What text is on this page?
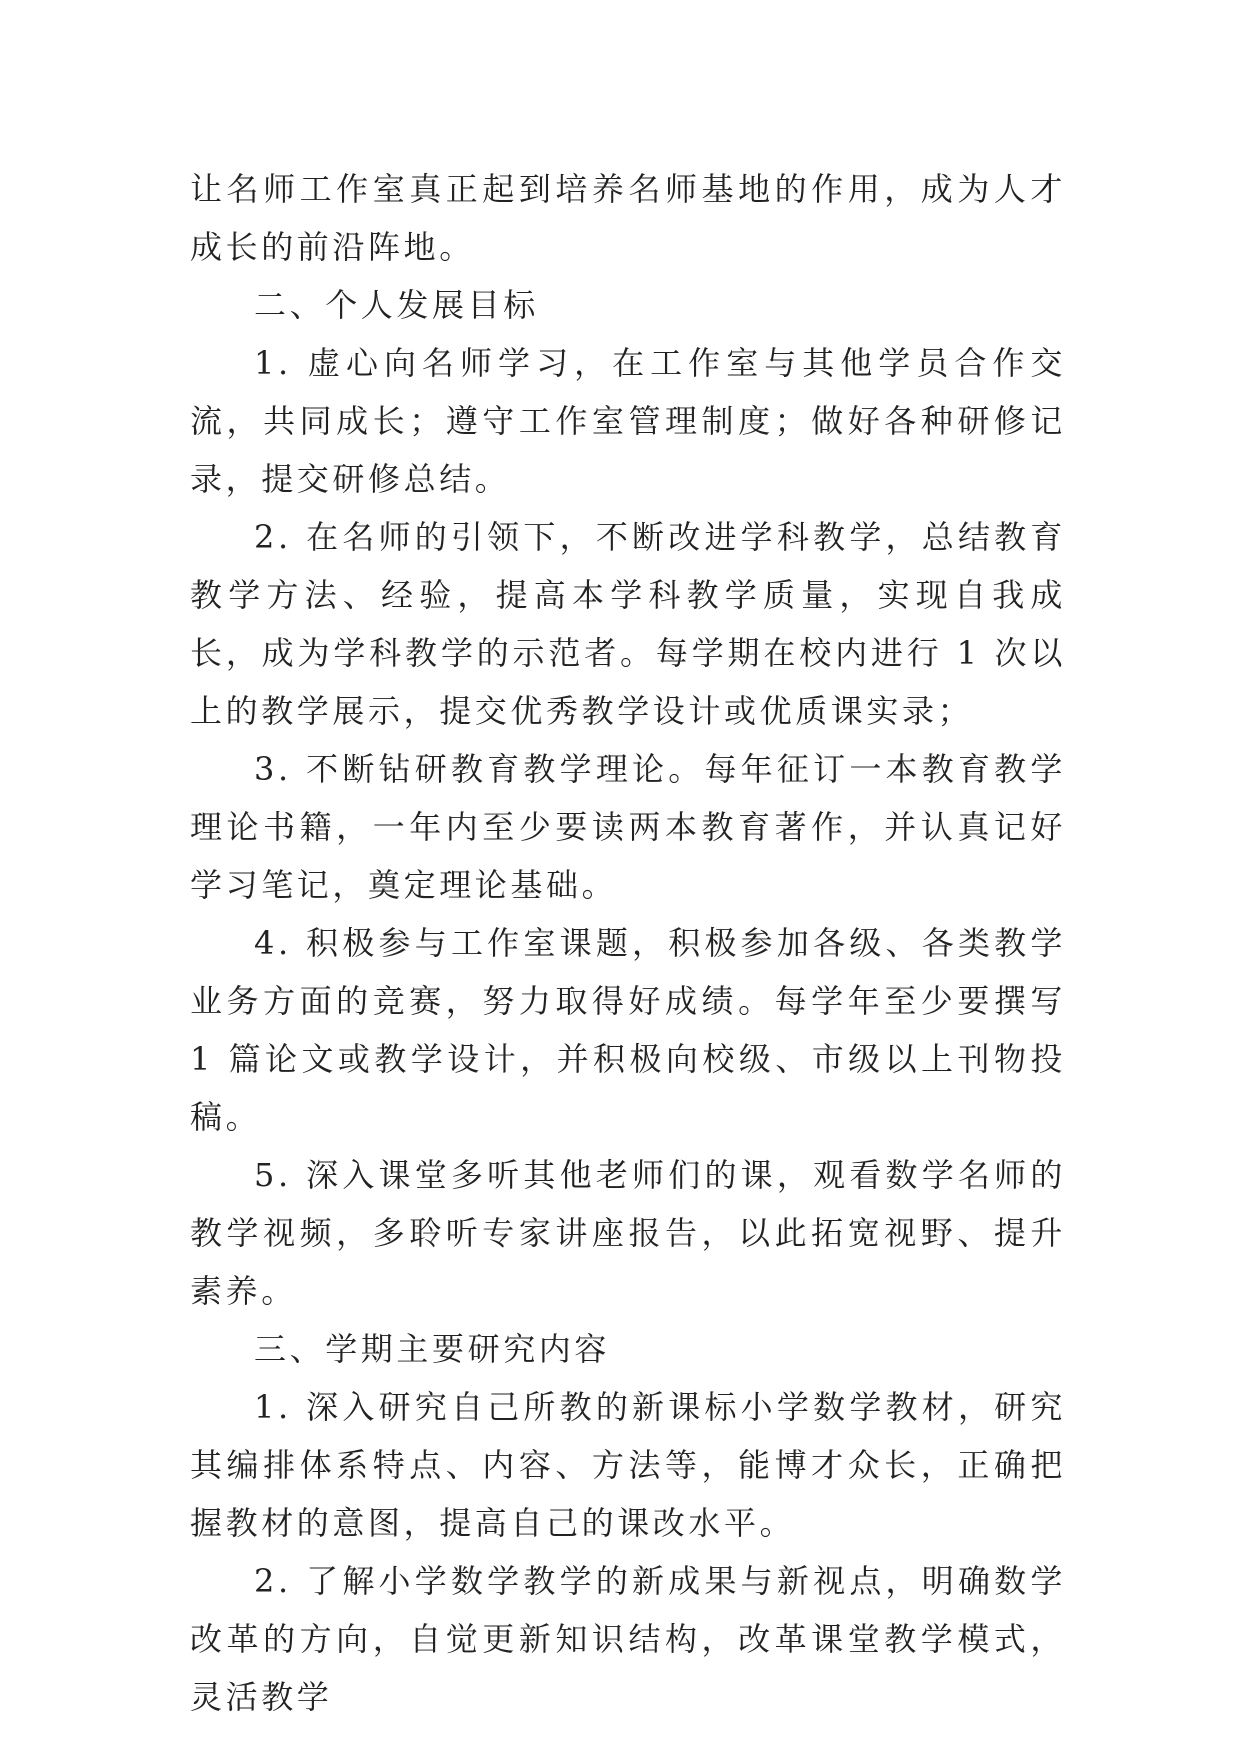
让名师工作室真正起到培养名师基地的作用，成为人才成长的前沿阵地。

二、个人发展目标

1. 虚心向名师学习，在工作室与其他学员合作交流，共同成长；遵守工作室管理制度；做好各种研修记录，提交研修总结。

2. 在名师的引领下，不断改进学科教学，总结教育教学方法、经验，提高本学科教学质量，实现自我成长，成为学科教学的示范者。每学期在校内进行 1 次以上的教学展示，提交优秀教学设计或优质课实录；

3. 不断钻研教育教学理论。每年征订一本教育教学理论书籍，一年内至少要读两本教育著作，并认真记好学习笔记，奠定理论基础。

4. 积极参与工作室课题，积极参加各级、各类教学业务方面的竞赛，努力取得好成绩。每学年至少要撰写 1 篇论文或教学设计，并积极向校级、市级以上刊物投稿。

5. 深入课堂多听其他老师们的课，观看数学名师的教学视频，多聆听专家讲座报告，以此拓宽视野、提升素养。

三、学期主要研究内容

1. 深入研究自己所教的新课标小学数学教材，研究其编排体系特点、内容、方法等，能博才众长，正确把握教材的意图，提高自己的课改水平。

2. 了解小学数学教学的新成果与新视点，明确数学改革的方向，自觉更新知识结构，改革课堂教学模式，灵活教学
